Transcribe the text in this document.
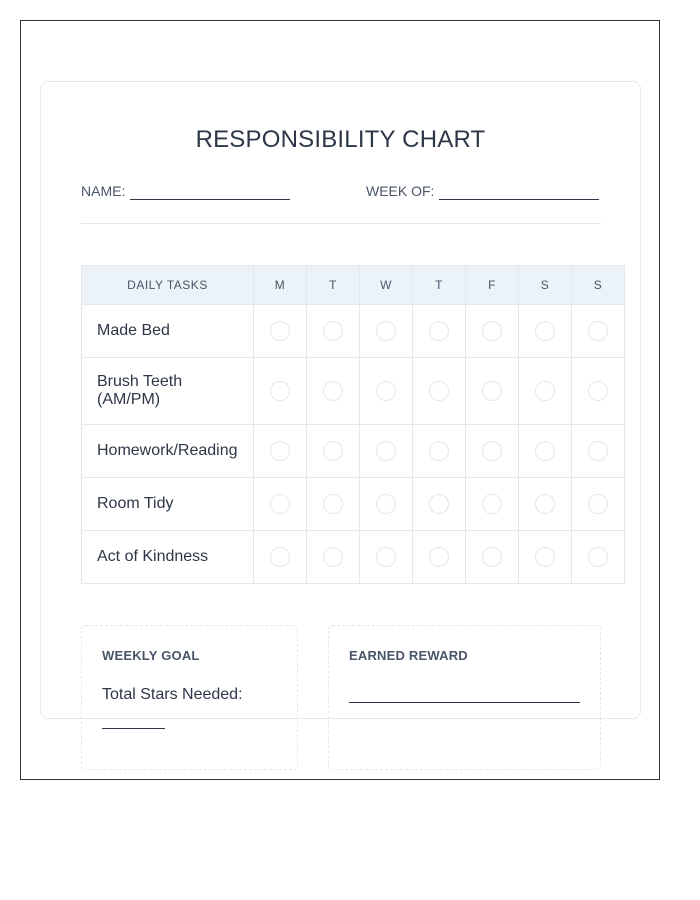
RESPONSIBILITY CHART
NAME:	WEEK OF:
DAILY TASKS	M	T	W	T	F	S	S
Made Bed							
Brush Teeth (AM/PM)							
Homework/Reading							
Room Tidy							
Act of Kindness							
WEEKLY GOAL
Total Stars Needed:
EARNED REWARD
